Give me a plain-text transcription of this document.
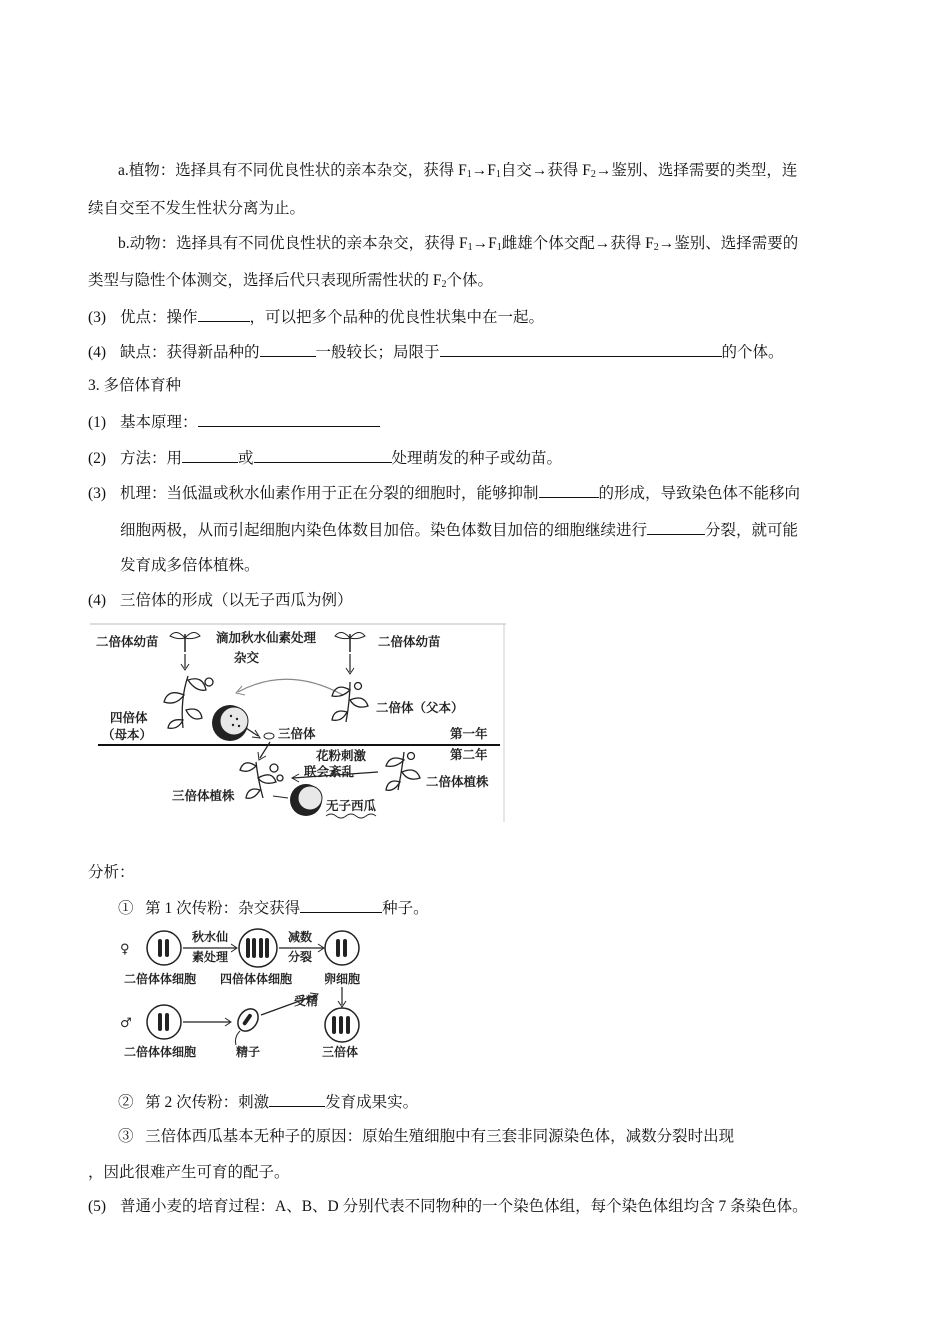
a.植物：选择具有不同优良性状的亲本杂交，获得 $F_1\to F_1$自交→获得 $F_2\to$鉴别、选择需要的类型，连
续自交至不发生性状分离为止。
b.动物：选择具有不同优良性状的亲本杂交，获得 $F_1\to F_1$雌雄个体交配→获得 $F_2\to$鉴别、选择需要的
类型与隐性个体测交，选择后代只表现所需性状的 $F_2$个体。
(3) 优点：操作	，可以把多个品种的优良性状集中在一起。
(4) 缺点：获得新品种的	一般较长；局限于	的个体。
3. 多倍体育种
(1) 基本原理：
(2) 方法：用	或	处理萌发的种子或幼苗。
(3) 机理：当低温或秋水仙素作用于正在分裂的细胞时，能够抑制	的形成，导致染色体不能移向
细胞两极，从而引起细胞内染色体数目加倍。染色体数目加倍的细胞继续进行	分裂，就可能
发育成多倍体植株。
(4) 三倍体的形成（以无子西瓜为例）
二倍体幼苗	滴加秋水仙素处理	二倍体幼苗
杂交
四倍体
（母本）
二倍体（父本）
三倍体	第一年
第二年
花粉刺激
联会紊乱
三倍体植株
二倍体植株
无子西瓜
分析：
① 第 1 次传粉：杂交获得	种子。
♀
秋水仙
素处理
减数
分裂
二倍体体细胞 四倍体体细胞	卵细胞
受精
♂
二倍体体细胞	精子	三倍体
② 第 2 次传粉：刺激	发育成果实。
③ 三倍体西瓜基本无种子的原因：原始生殖细胞中有三套非同源染色体，减数分裂时出现
，因此很难产生可育的配子。
(5) 普通小麦的培育过程：A、B、D 分别代表不同物种的一个染色体组，每个染色体组均含 7 条染色体。
